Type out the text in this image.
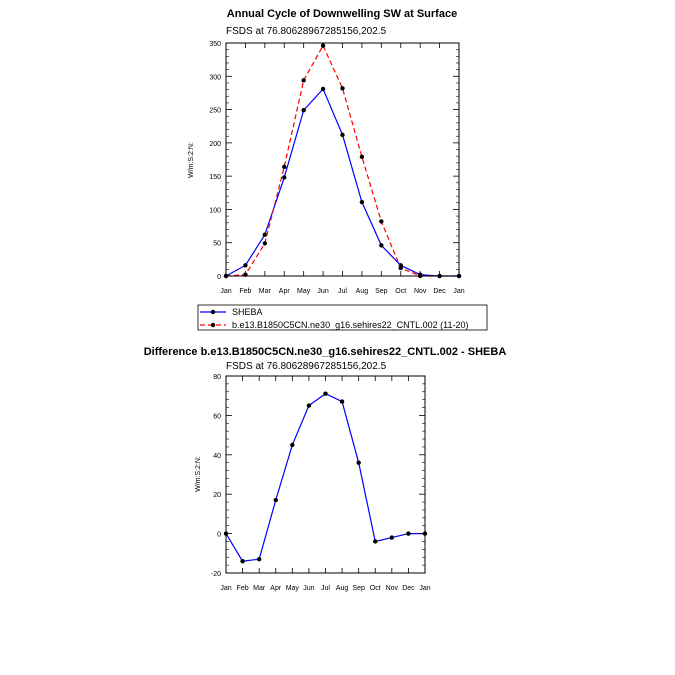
Annual Cycle of Downwelling SW at Surface
FSDS at 76.80628967285156,202.5
W/m:S:2:N:
Jan Feb Mar Apr May Jun Jul Aug Sep Oct Nov Dec Jan
0
50
100
150
200
250
300
350
SHEBA
b.e13.B1850C5CN.ne30_g16.sehires22_CNTL.002 (11-20)
Difference b.e13.B1850C5CN.ne30_g16.sehires22_CNTL.002 - SHEBA
FSDS at 76.80628967285156,202.5
W/m:S:2:N:
Jan Feb Mar Apr May Jun Jul Aug Sep Oct Nov Dec Jan
-20
0
20
40
60
80
